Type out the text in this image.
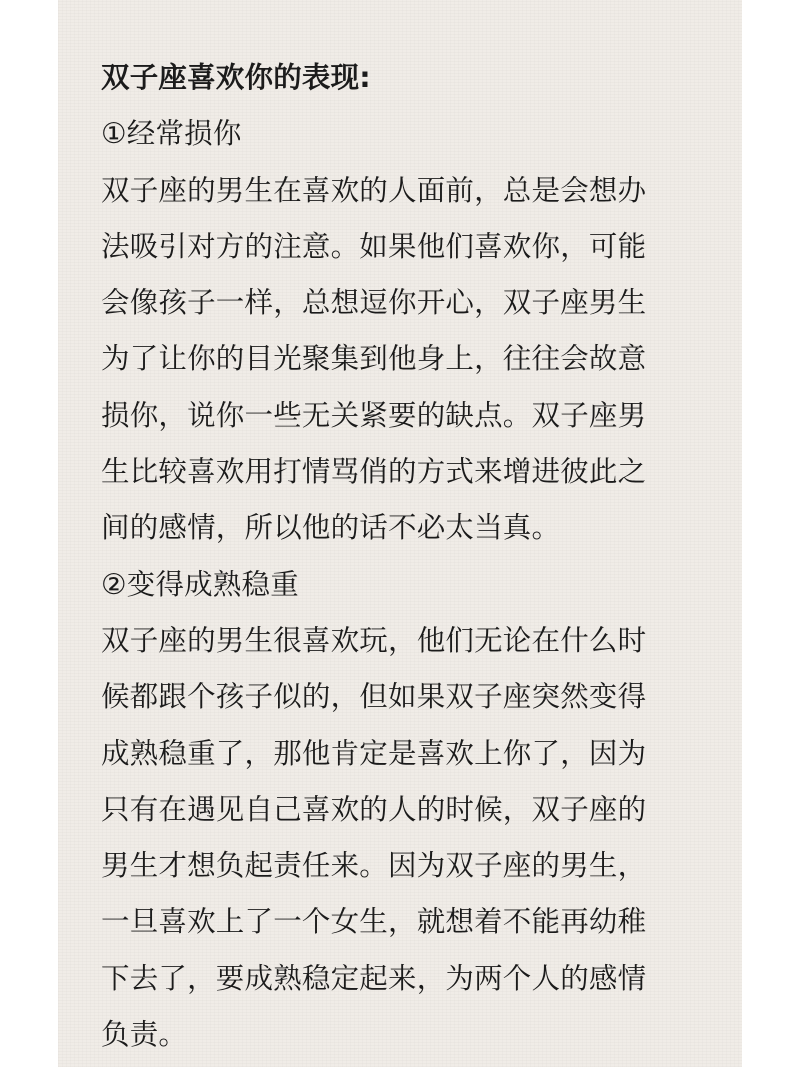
双子座喜欢你的表现:

①经常损你

双子座的男生在喜欢的人面前，总是会想办

法吸引对方的注意。如果他们喜欢你，可能

会像孩子一样，总想逗你开心，双子座男生

为了让你的目光聚集到他身上，往往会故意

损你，说你一些无关紧要的缺点。双子座男

生比较喜欢用打情骂俏的方式来增进彼此之

间的感情，所以他的话不必太当真。

②变得成熟稳重

双子座的男生很喜欢玩，他们无论在什么时

候都跟个孩子似的，但如果双子座突然变得

成熟稳重了，那他肯定是喜欢上你了，因为

只有在遇见自己喜欢的人的时候，双子座的

男生才想负起责任来。因为双子座的男生，

一旦喜欢上了一个女生，就想着不能再幼稚

下去了，要成熟稳定起来，为两个人的感情

负责。
